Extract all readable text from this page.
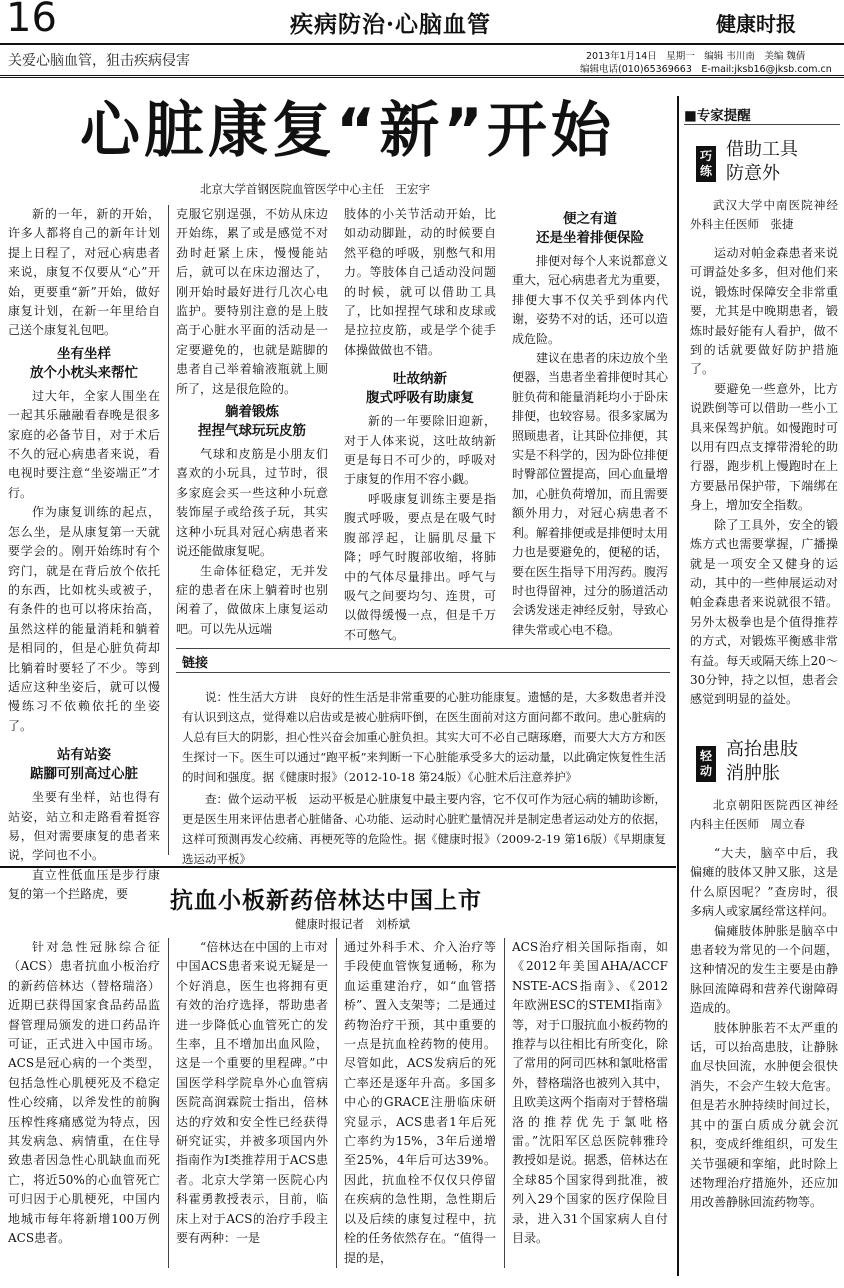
16	疾病防治·心脑血管	健康时报
关爱心脑血管，狙击疾病侵害	2013年1月14日　星期一　编辑 韦川南　美编 魏倩
编辑电话(010)65369663　E-mail:jksb16@jksb.com.cn
心脏康复“新”开始
北京大学首钢医院血管医学中心主任　王宏宇

新的一年，新的开始，许多人都将自己的新年计划提上日程了，对冠心病患者来说，康复不仅要从“心”开始，更要重“新”开始，做好康复计划，在新一年里给自己送个康复礼包吧。

坐有坐样
放个小枕头来帮忙

过大年，全家人围坐在一起其乐融融看春晚是很多家庭的必备节目，对于术后不久的冠心病患者来说，看电视时要注意“坐姿端正”才行。

作为康复训练的起点，怎么坐，是从康复第一天就要学会的。刚开始练时有个窍门，就是在背后放个依托的东西，比如枕头或被子，有条件的也可以将床抬高，虽然这样的能量消耗和躺着是相同的，但是心脏负荷却比躺着时要轻了不少。等到适应这种坐姿后，就可以慢慢练习不依赖依托的坐姿了。

站有站姿
踮腳可别高过心脏

坐要有坐样，站也得有站姿，站立和走路看着挺容易，但对需要康复的患者来说，学问也不小。

直立性低血压是步行康复的第一个拦路虎，要

克服它别逞强，不妨从床边开始练，累了或是感觉不对劲时赶紧上床，慢慢能站后，就可以在床边溜达了，刚开始时最好进行几次心电监护。要特别注意的是上肢高于心脏水平面的活动是一定要避免的，也就是踮脚的患者自己举着输液瓶就上厕所了，这是很危险的。

躺着锻炼
捏捏气球玩玩皮筋

气球和皮筋是小朋友们喜欢的小玩具，过节时，很多家庭会买一些这种小玩意装饰屋子或给孩子玩，其实这种小玩具对冠心病患者来说还能做康复呢。

生命体征稳定，无并发症的患者在床上躺着时也别闲着了，做做床上康复运动吧。可以先从远端

肢体的小关节活动开始，比如动动脚趾，动的时候要自然平稳的呼吸，别憋气和用力。等肢体自己适动没问题的时候，就可以借助工具了，比如捏捏气球和皮球或是拉拉皮筋，或是学个徒手体操做做也不错。

吐故纳新
腹式呼吸有助康复

新的一年要除旧迎新，对于人体来说，这吐故纳新更是每日不可少的，呼吸对于康复的作用不容小觑。

呼吸康复训练主要是指腹式呼吸，要点是在吸气时腹部浮起，让膈肌尽量下降；呼气时腹部收缩，将肺中的气体尽量排出。呼气与吸气之间要均匀、连贯，可以做得缓慢一点，但是千万不可憋气。

便之有道
还是坐着排便保险

排便对每个人来说都意义重大，冠心病患者尤为重要，排便大事不仅关乎到体内代谢，姿势不对的话，还可以造成危险。

建议在患者的床边放个坐便器，当患者坐着排便时其心脏负荷和能量消耗均小于卧床排便，也较容易。很多家属为照顾患者，让其卧位排便，其实是不科学的，因为卧位排便时臀部位置提高，回心血量增加，心脏负荷增加，而且需要额外用力，对冠心病患者不利。解着排便或是排便时太用力也是要避免的，便秘的话，要在医生指导下用泻药。腹泻时也得留神，过分的肠道活动会诱发迷走神经反射，导致心律失常或心电不稳。

链接

说：性生活大方讲　良好的性生活是非常重要的心脏功能康复。遗憾的是，大多数患者并没有认识到这点，觉得难以启齿或是被心脏病吓倒，在医生面前对这方面问都不敢问。患心脏病的人总有巨大的阴影，担心性兴奋会加重心脏负担。其实大可不必自己瞎琢磨，而要大大方方和医生探讨一下。医生可以通过“跑平板”来判断一下心脏能承受多大的运动量，以此确定恢复性生活的时间和强度。据《健康时报》（2012-10-18 第24版）《心脏术后注意养护》

查：做个运动平板　运动平板是心脏康复中最主要内容，它不仅可作为冠心病的辅助诊断，更是医生用来评估患者心脏储备、心功能、运动时心脏贮量情况并是制定患者运动处方的依据，这样可预测再发心绞痛、再梗死等的危险性。据《健康时报》（2009-2-19 第16版）《早期康复选运动平板》

抗血小板新药倍林达中国上市
健康时报记者　刘桥斌

针对急性冠脉综合征（ACS）患者抗血小板治疗的新药倍林达（替格瑞洛）近期已获得国家食品药品监督管理局颁发的进口药品许可证，正式进入中国市场。ACS是冠心病的一个类型，包括急性心肌梗死及不稳定性心绞痛，以斧发性的前胸压榨性疼痛感觉为特点，因其发病急、病情重，在住导致患者因急性心肌缺血而死亡，将近50%的心血管死亡可归因于心肌梗死，中国内地城市每年将新增100万例ACS患者。

“倍林达在中国的上市对中国ACS患者来说无疑是一个好消息，医生也将拥有更有效的治疗选择，帮助患者进一步降低心血管死亡的发生率，且不增加出血风险，这是一个重要的里程碑。”中国医学科学院阜外心血管病医院高润霖院士指出，倍林达的疗效和安全性已经获得研究证实，并被多项国内外指南作为I类推荐用于ACS患者。北京大学第一医院心内科霍勇教授表示，目前，临床上对于ACS的治疗手段主要有两种：一是

通过外科手术、介入治疗等手段使血管恢复通畅，称为血运重建治疗，如“血管搭桥”、置入支架等；二是通过药物治疗干预，其中重要的一点是抗血栓药物的使用。尽管如此，ACS发病后的死亡率还是逐年升高。多国多中心的GRACE注册临床研究显示，ACS患者1年后死亡率约为15%，3年后递增至25%，4年后可达39%。因此，抗血栓不仅仅只停留在疾病的急性期，急性期后以及后续的康复过程中，抗栓的任务依然存在。“值得一提的是，

ACS治疗相关国际指南，如《2012年美国AHA/ACCF NSTE-ACS指南》、《2012年欧洲ESC的STEMI指南》等，对于口服抗血小板药物的推荐与以往相比有所变化，除了常用的阿司匹林和氯吡格雷外，替格瑞洛也被列入其中，且欧美这两个指南对于替格瑞洛的推荐优先于氯吡格雷。”沈阳军区总医院韩雅玲教授如是说。据悉，倍林达在全球85个国家得到批准，被列入29个国家的医疗保险目录，进入31个国家病人自付目录。

■专家提醒
巧练
借助工具
防意外

武汉大学中南医院神经外科主任医师　张捷

运动对帕金森患者来说可谓益处多多，但对他们来说，锻炼时保障安全非常重要，尤其是中晚期患者，锻炼时最好能有人看护，做不到的话就要做好防护措施了。

要避免一些意外，比方说跌倒等可以借助一些小工具来保驾护航。如慢跑时可以用有四点支撑带滑轮的助行器，跑步机上慢跑时在上方要悬吊保护带，下端绑在身上，增加安全指数。

除了工具外，安全的锻炼方式也需要掌握，广播操就是一项安全又健身的运动，其中的一些伸展运动对帕金森患者来说就很不错。另外太极拳也是个值得推荐的方式，对锻炼平衡感非常有益。每天或隔天练上20～30分钟，持之以恒，患者会感觉到明显的益处。

轻动
高抬患肢
消肿胀

北京朝阳医院西区神经内科主任医师　周立春

“大夫，脑卒中后，我偏瘫的肢体又肿又胀，这是什么原因呢？”查房时，很多病人或家属经常这样问。

偏瘫肢体肿胀是脑卒中患者较为常见的一个问题，这种情况的发生主要是由静脉回流障碍和营养代谢障碍造成的。

肢体肿胀若不太严重的话，可以抬高患肢，让静脉血尽快回流，水肿便会很快消失，不会产生较大危害。但是若水肿持续时间过长，其中的蛋白质成分就会沉积，变成纤维组织，可发生关节强硬和挛缩，此时除上述物理治疗措施外，还应加用改善静脉回流药物等。
